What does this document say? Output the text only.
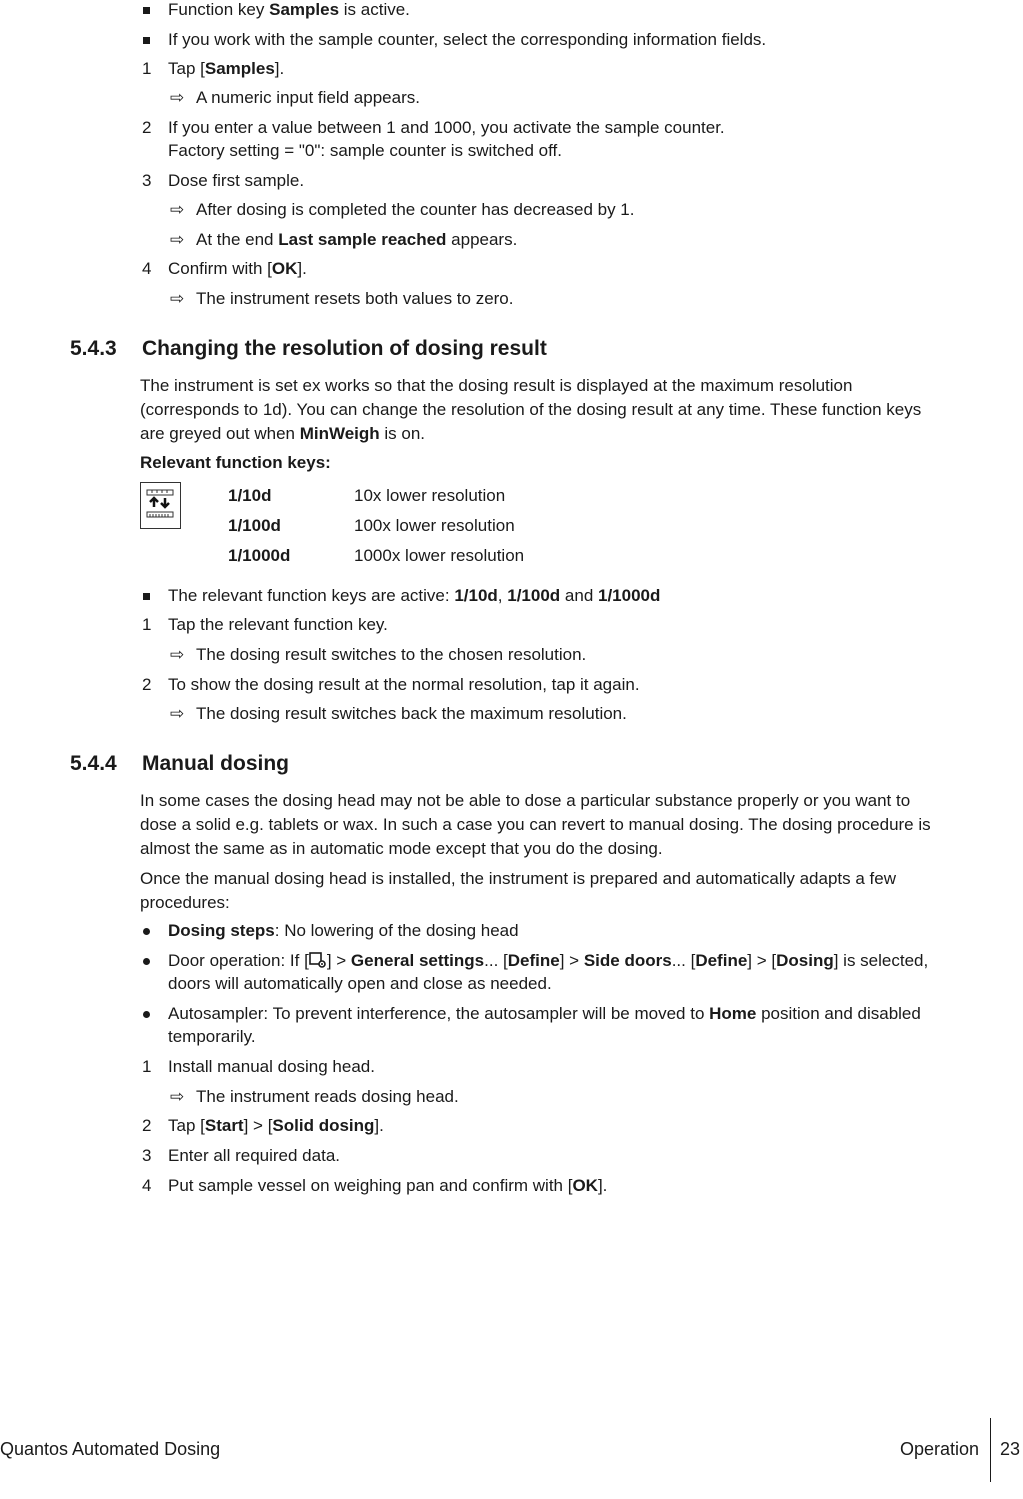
Function key Samples is active.
If you work with the sample counter, select the corresponding information fields.
1 Tap [Samples].
⇨ A numeric input field appears.
2 If you enter a value between 1 and 1000, you activate the sample counter.
Factory setting = "0": sample counter is switched off.
3 Dose first sample.
⇨ After dosing is completed the counter has decreased by 1.
⇨ At the end Last sample reached appears.
4 Confirm with [OK].
⇨ The instrument resets both values to zero.
5.4.3 Changing the resolution of dosing result
The instrument is set ex works so that the dosing result is displayed at the maximum resolution
(corresponds to 1d). You can change the resolution of the dosing result at any time. These function keys
are greyed out when MinWeigh is on.
Relevant function keys:
1/10d	10x lower resolution
1/100d	100x lower resolution
1/1000d	1000x lower resolution
The relevant function keys are active: 1/10d, 1/100d and 1/1000d
1 Tap the relevant function key.
⇨ The dosing result switches to the chosen resolution.
2 To show the dosing result at the normal resolution, tap it again.
⇨ The dosing result switches back the maximum resolution.
5.4.4 Manual dosing
In some cases the dosing head may not be able to dose a particular substance properly or you want to
dose a solid e.g. tablets or wax. In such a case you can revert to manual dosing. The dosing procedure is
almost the same as in automatic mode except that you do the dosing.
Once the manual dosing head is installed, the instrument is prepared and automatically adapts a few
procedures:
Dosing steps: No lowering of the dosing head
Door operation: If [ ] > General settings... [Define] > Side doors... [Define] > [Dosing] is selected,
doors will automatically open and close as needed.
Autosampler: To prevent interference, the autosampler will be moved to Home position and disabled
temporarily.
1 Install manual dosing head.
⇨ The instrument reads dosing head.
2 Tap [Start] > [Solid dosing].
3 Enter all required data.
4 Put sample vessel on weighing pan and confirm with [OK].
Quantos Automated Dosing	Operation 23
